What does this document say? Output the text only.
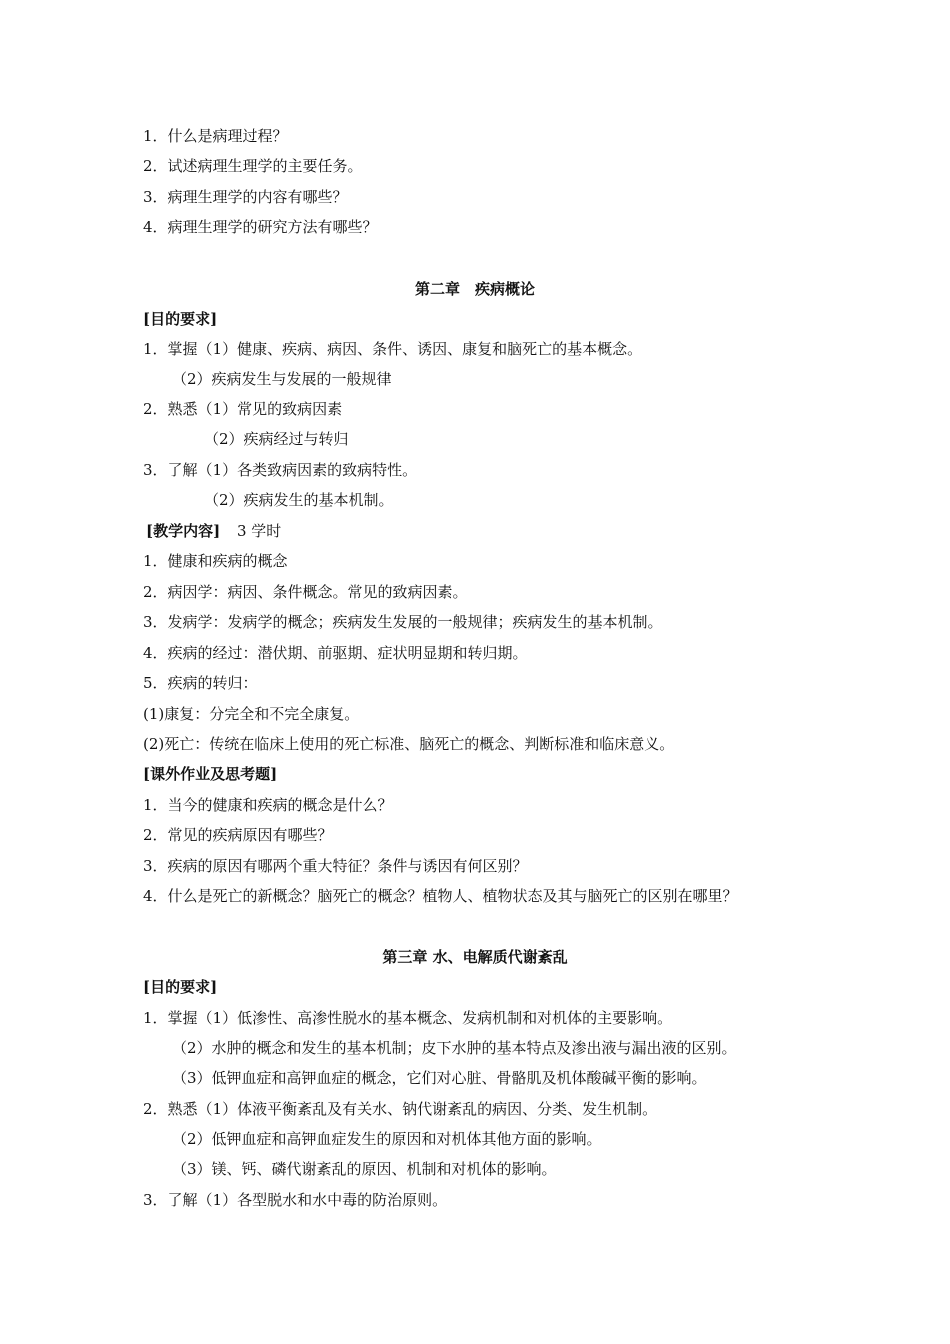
1．什么是病理过程？
2．试述病理生理学的主要任务。
3．病理生理学的内容有哪些？
4．病理生理学的研究方法有哪些？
第二章　疾病概论
[目的要求]
1．掌握（1）健康、疾病、病因、条件、诱因、康复和脑死亡的基本概念。
（2）疾病发生与发展的一般规律
2．熟悉（1）常见的致病因素
（2）疾病经过与转归
3．了解（1）各类致病因素的致病特性。
（2）疾病发生的基本机制。
[教学内容] 3 学时
1．健康和疾病的概念
2．病因学：病因、条件概念。常见的致病因素。
3．发病学：发病学的概念；疾病发生发展的一般规律；疾病发生的基本机制。
4．疾病的经过：潜伏期、前驱期、症状明显期和转归期。
5．疾病的转归：
(1)康复：分完全和不完全康复。
(2)死亡：传统在临床上使用的死亡标准、脑死亡的概念、判断标准和临床意义。
[课外作业及思考题]
1．当今的健康和疾病的概念是什么？
2．常见的疾病原因有哪些？
3．疾病的原因有哪两个重大特征？条件与诱因有何区别？
4．什么是死亡的新概念？脑死亡的概念？植物人、植物状态及其与脑死亡的区别在哪里？
第三章 水、电解质代谢紊乱
[目的要求]
1．掌握（1）低渗性、高渗性脱水的基本概念、发病机制和对机体的主要影响。
（2）水肿的概念和发生的基本机制；皮下水肿的基本特点及渗出液与漏出液的区别。
（3）低钾血症和高钾血症的概念，它们对心脏、骨骼肌及机体酸碱平衡的影响。
2．熟悉（1）体液平衡紊乱及有关水、钠代谢紊乱的病因、分类、发生机制。
（2）低钾血症和高钾血症发生的原因和对机体其他方面的影响。
（3）镁、钙、磷代谢紊乱的原因、机制和对机体的影响。
3．了解（1）各型脱水和水中毒的防治原则。
